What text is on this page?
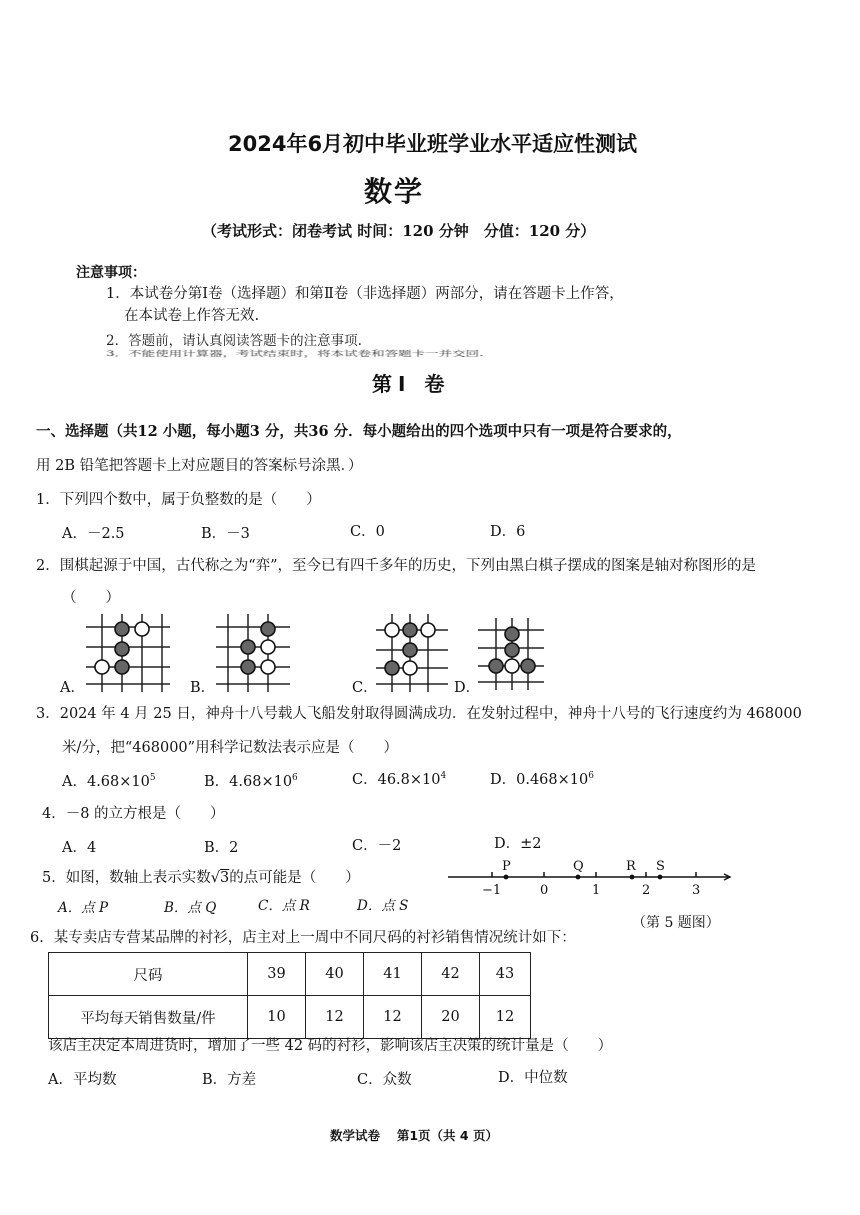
2024年6月初中毕业班学业水平适应性测试
数学
（考试形式：闭卷考试 时间：120 分钟　分值：120 分）
注意事项：
1．本试卷分第Ⅰ卷（选择题）和第Ⅱ卷（非选择题）两部分，请在答题卡上作答，
在本试卷上作答无效.
2．答题前，请认真阅读答题卡的注意事项.
3．不能使用计算器，考试结束时，将本试卷和答题卡一并交回.
第Ⅰ 卷
一、选择题（共12 小题，每小题3 分，共36 分．每小题给出的四个选项中只有一项是符合要求的，
用 2B 铅笔把答题卡上对应题目的答案标号涂黑．）
1．下列四个数中，属于负整数的是（　　）
A．－2.5	B．－3	C．0	D．6
2．围棋起源于中国，古代称之为“弈”，至今已有四千多年的历史，下列由黑白棋子摆成的图案是轴对称图形的是
（　　）
A．	B．	C．	D．
3．2024 年 4 月 25 日，神舟十八号载人飞船发射取得圆满成功．在发射过程中，神舟十八号的飞行速度约为 468000
米/分，把“468000”用科学记数法表示应是（　　）
A．$4.68\times 10^5$	B．$4.68\times 10^6$	C．$46.8\times 10^4$	D．$0.468\times 10^6$
4．－8 的立方根是（　　）
A．4	B．2	C．－2	D．±2
5．如图，数轴上表示实数√3的点可能是（　　）
A．点 P	B．点 Q	C．点 R	D．点 S
P	Q	R S
−1	0	1	2	3
（第 5 题图）
6．某专卖店专营某品牌的衬衫，店主对上一周中不同尺码的衬衫销售情况统计如下：
尺码	39	40	41	42	43
平均每天销售数量/件	10	12	12	20	12
该店主决定本周进货时，增加了一些 42 码的衬衫，影响该店主决策的统计量是（　　）
A．平均数	B．方差	C．众数	D．中位数
数学试卷　 第1页（共 4 页）
